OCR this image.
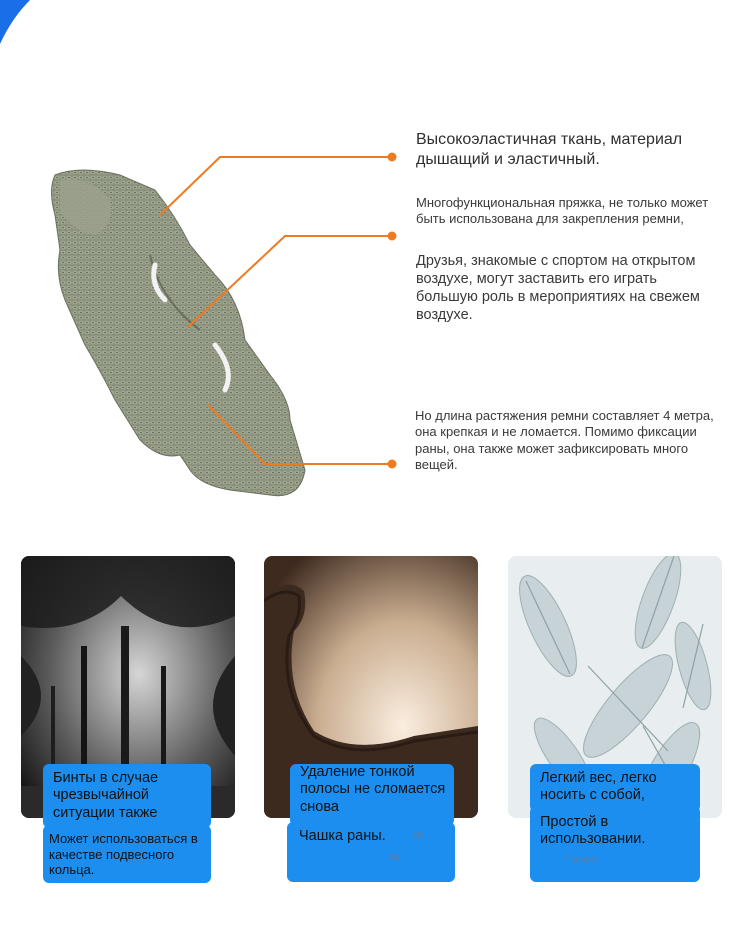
Высокоэластичная ткань, материал дышащий и эластичный.
Многофункциональная пряжка, не только может быть использована для закрепления ремни,
Друзья, знакомые с спортом на открытом воздухе, могут заставить его играть большую роль в мероприятиях на свежем воздухе.
Но длина растяжения ремни составляет 4 метра, она крепкая и не ломается. Помимо фиксации раны, она также может зафиксировать много вещей.
Бинты в случае чрезвычайной ситуации также
Может использоваться в качестве подвесного кольца.
Удаление тонкой полосы не сломается снова
Чашка раны.	Из
Из
Легкий вес, легко носить с собой,
Простой в использовании.
Продукт
